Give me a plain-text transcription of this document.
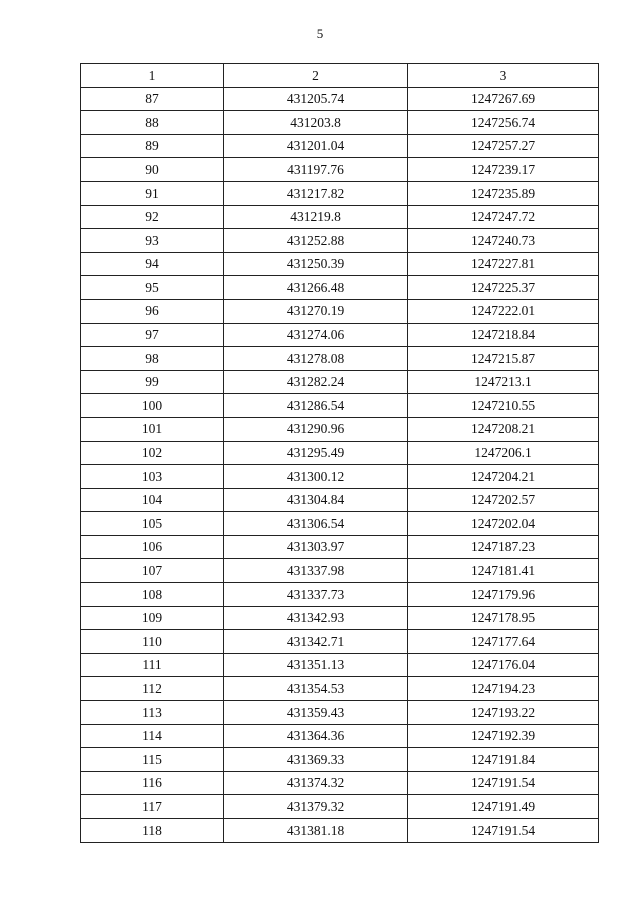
5
1	2	3
87	431205.74	1247267.69
88	431203.8	1247256.74
89	431201.04	1247257.27
90	431197.76	1247239.17
91	431217.82	1247235.89
92	431219.8	1247247.72
93	431252.88	1247240.73
94	431250.39	1247227.81
95	431266.48	1247225.37
96	431270.19	1247222.01
97	431274.06	1247218.84
98	431278.08	1247215.87
99	431282.24	1247213.1
100	431286.54	1247210.55
101	431290.96	1247208.21
102	431295.49	1247206.1
103	431300.12	1247204.21
104	431304.84	1247202.57
105	431306.54	1247202.04
106	431303.97	1247187.23
107	431337.98	1247181.41
108	431337.73	1247179.96
109	431342.93	1247178.95
110	431342.71	1247177.64
111	431351.13	1247176.04
112	431354.53	1247194.23
113	431359.43	1247193.22
114	431364.36	1247192.39
115	431369.33	1247191.84
116	431374.32	1247191.54
117	431379.32	1247191.49
118	431381.18	1247191.54
